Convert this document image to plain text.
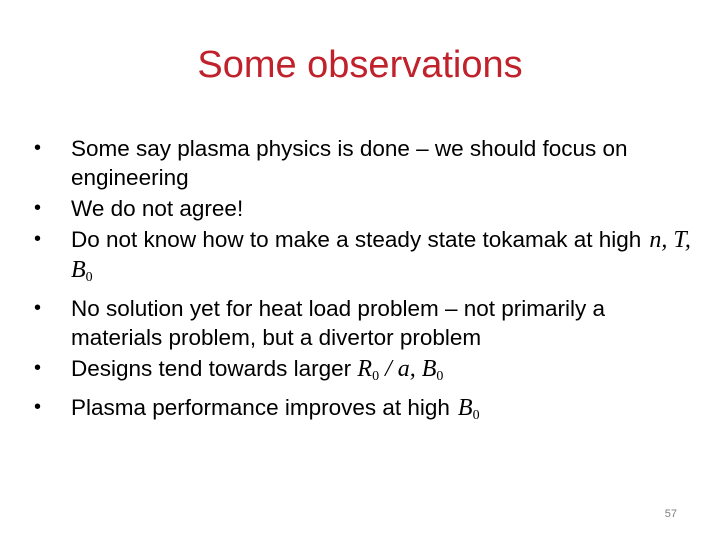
Some observations
• Some say plasma physics is done – we should focus on engineering
• We do not agree!
• Do not know how to make a steady state tokamak at high n, T, $B_0$
• No solution yet for heat load problem – not primarily a materials problem, but a divertor problem
• Designs tend towards larger $R_0$ / a, $B_0$
• Plasma performance improves at high $B_0$
57
